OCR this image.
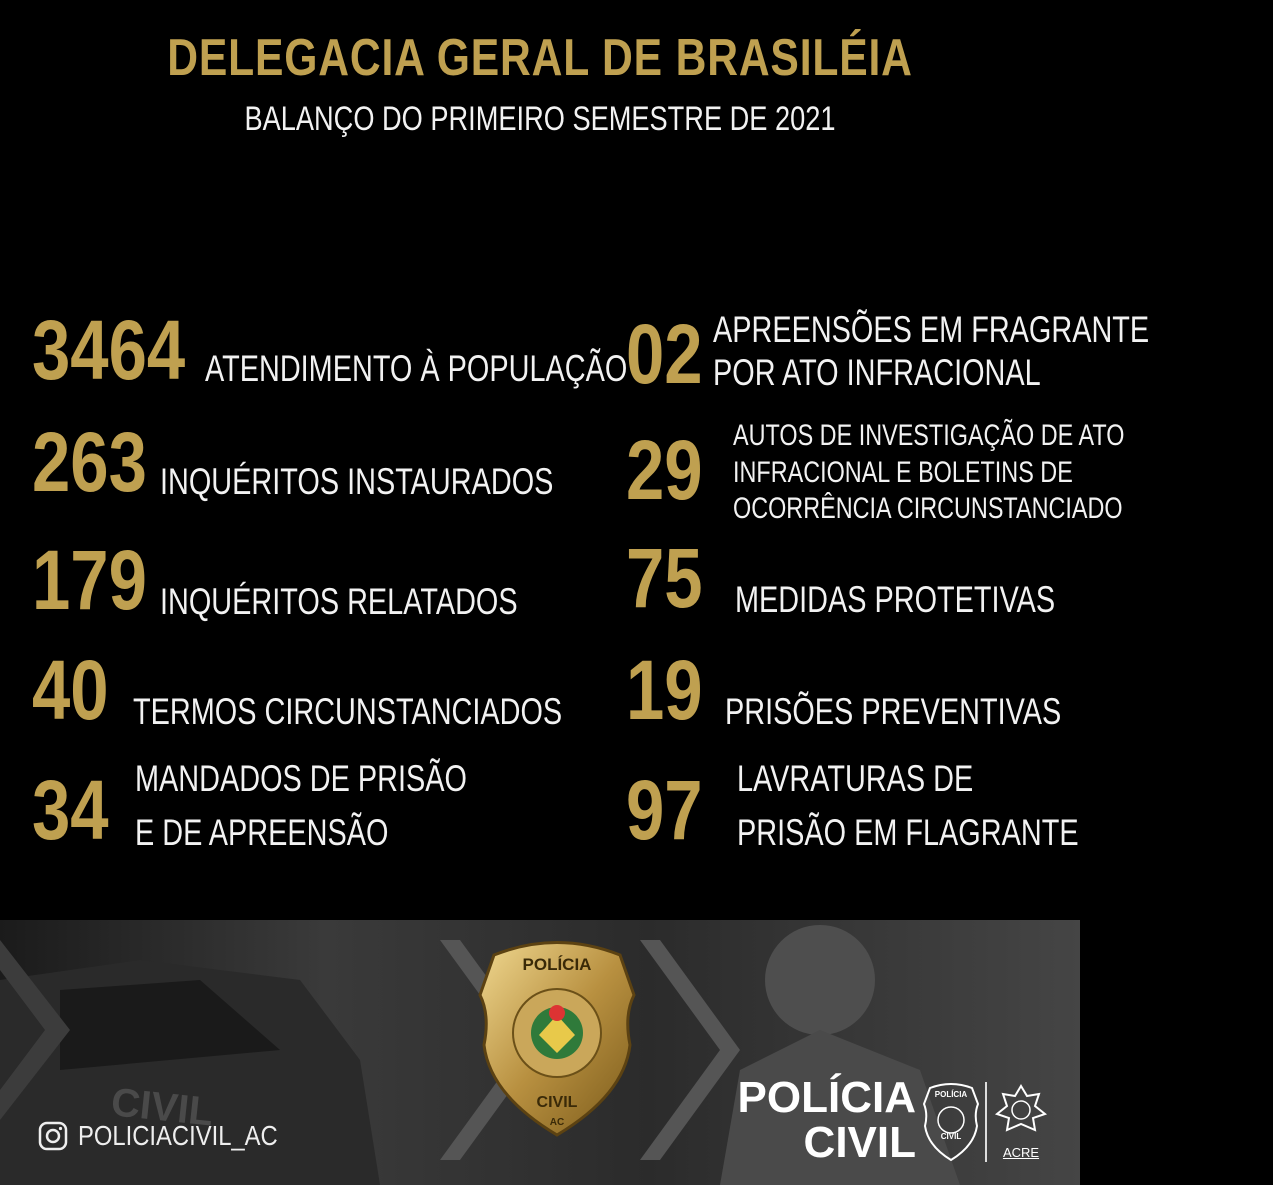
DELEGACIA GERAL DE BRASILÉIA
BALANÇO DO PRIMEIRO SEMESTRE DE 2021
3464 ATENDIMENTO À POPULAÇÃO
263 INQUÉRITOS INSTAURADOS
179 INQUÉRITOS RELATADOS
40 TERMOS CIRCUNSTANCIADOS
34 MANDADOS DE PRISÃO
E DE APREENSÃO
02 APREENSÕES EM FRAGRANTE
POR ATO INFRACIONAL
29 AUTOS DE INVESTIGAÇÃO DE ATO
INFRACIONAL E BOLETINS DE
OCORRÊNCIA CIRCUNSTANCIADO
75 MEDIDAS PROTETIVAS
19 PRISÕES PREVENTIVAS
97 LAVRATURAS DE
PRISÃO EM FLAGRANTE
CIVIL
POLÍCIA
CIVIL
AC
POLICIACIVIL_AC
POLÍCIA
CIVIL
POLÍCIA
CIVIL
ACRE
